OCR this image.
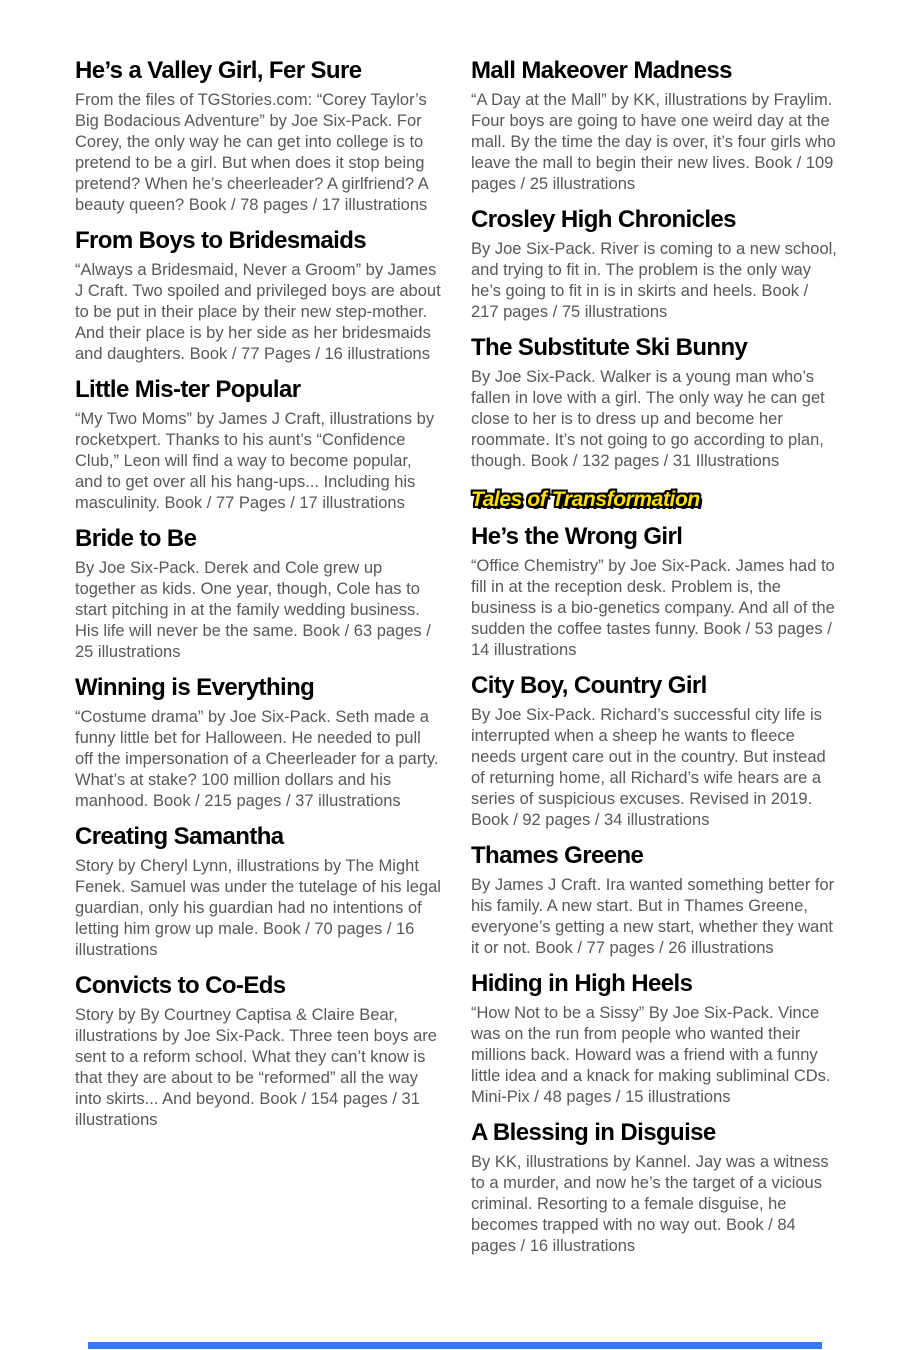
He’s a Valley Girl, Fer Sure

From the files of TGStories.com: “Corey Taylor’s Big Bodacious Adventure” by Joe Six-Pack. For Corey, the only way he can get into college is to pretend to be a girl. But when does it stop being pretend? When he’s cheerleader? A girlfriend? A beauty queen? Book / 78 pages / 17 illustrations

From Boys to Bridesmaids

“Always a Bridesmaid, Never a Groom” by James J Craft. Two spoiled and privileged boys are about to be put in their place by their new step-mother. And their place is by her side as her bridesmaids and daughters. Book / 77 Pages / 16 illustrations

Little Mis-ter Popular

“My Two Moms” by James J Craft, illustrations by rocketxpert. Thanks to his aunt’s “Confidence Club,” Leon will find a way to become popular, and to get over all his hang-ups... Including his masculinity. Book / 77 Pages / 17 illustrations

Bride to Be

By Joe Six-Pack. Derek and Cole grew up together as kids. One year, though, Cole has to start pitching in at the family wedding business. His life will never be the same. Book / 63 pages / 25 illustrations

Winning is Everything

“Costume drama” by Joe Six-Pack. Seth made a funny little bet for Halloween. He needed to pull off the impersonation of a Cheerleader for a party. What’s at stake? 100 million dollars and his manhood. Book / 215 pages / 37 illustrations

Creating Samantha

Story by Cheryl Lynn, illustrations by The Might Fenek. Samuel was under the tutelage of his legal guardian, only his guardian had no intentions of letting him grow up male. Book / 70 pages / 16 illustrations

Convicts to Co-Eds

Story by By Courtney Captisa & Claire Bear, illustrations by Joe Six-Pack. Three teen boys are sent to a reform school. What they can’t know is that they are about to be “reformed” all the way into skirts... And beyond. Book / 154 pages / 31 illustrations

Mall Makeover Madness

“A Day at the Mall” by KK, illustrations by Fraylim. Four boys are going to have one weird day at the mall. By the time the day is over, it’s four girls who leave the mall to begin their new lives. Book / 109 pages / 25 illustrations

Crosley High Chronicles

By Joe Six-Pack. River is coming to a new school, and trying to fit in. The problem is the only way he’s going to fit in is in skirts and heels. Book / 217 pages / 75 illustrations

The Substitute Ski Bunny

By Joe Six-Pack. Walker is a young man who’s fallen in love with a girl. The only way he can get close to her is to dress up and become her roommate. It’s not going to go according to plan, though. Book / 132 pages / 31 Illustrations

Tales of Transformation
He’s the Wrong Girl

“Office Chemistry” by Joe Six-Pack. James had to fill in at the reception desk. Problem is, the business is a bio-genetics company. And all of the sudden the coffee tastes funny. Book / 53 pages / 14 illustrations

City Boy, Country Girl

By Joe Six-Pack. Richard’s successful city life is interrupted when a sheep he wants to fleece needs urgent care out in the country. But instead of returning home, all Richard’s wife hears are a series of suspicious excuses. Revised in 2019. Book / 92 pages / 34 illustrations

Thames Greene

By James J Craft. Ira wanted something better for his family. A new start. But in Thames Greene, everyone’s getting a new start, whether they want it or not. Book / 77 pages / 26 illustrations

Hiding in High Heels

“How Not to be a Sissy” By Joe Six-Pack. Vince was on the run from people who wanted their millions back. Howard was a friend with a funny little idea and a knack for making subliminal CDs. Mini-Pix / 48 pages / 15 illustrations

A Blessing in Disguise

By KK, illustrations by Kannel. Jay was a witness to a murder, and now he’s the target of a vicious criminal. Resorting to a female disguise, he becomes trapped with no way out. Book / 84 pages / 16 illustrations
